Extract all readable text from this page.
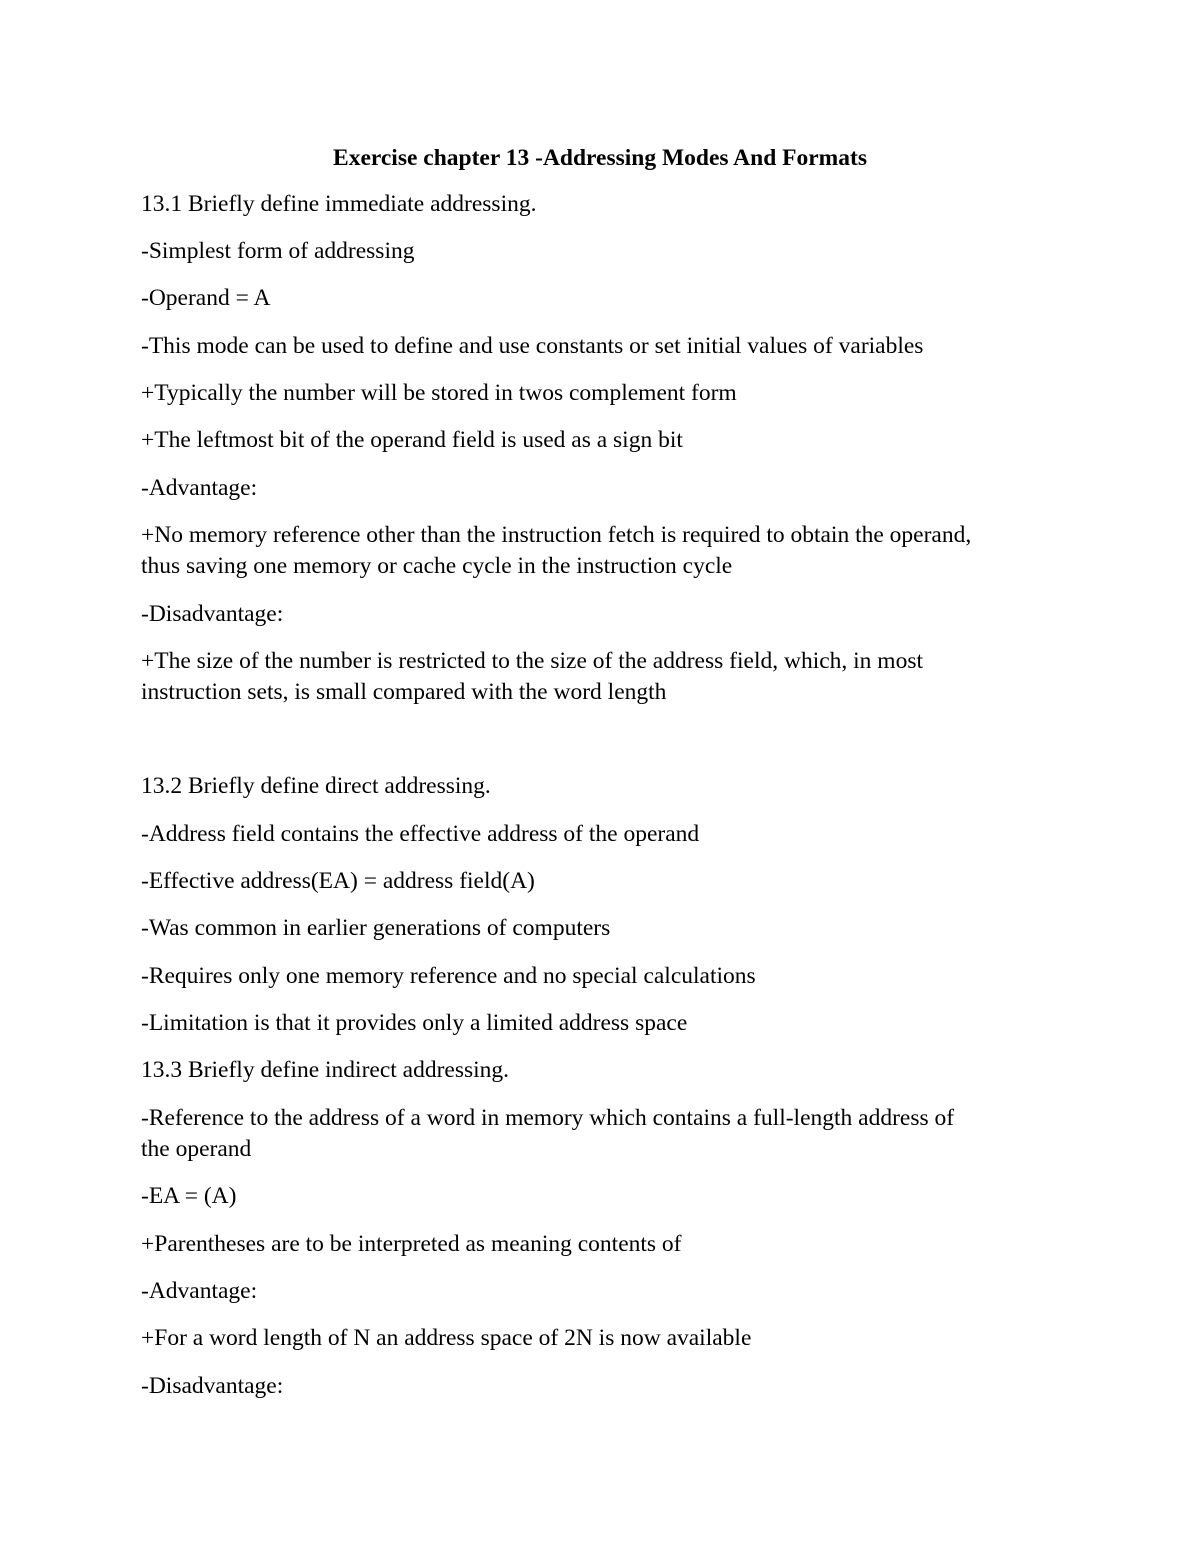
Exercise chapter 13 -Addressing Modes And Formats
13.1 Briefly define immediate addressing.
-Simplest form of addressing
-Operand = A
-This mode can be used to define and use constants or set initial values of variables
+Typically the number will be stored in twos complement form
+The leftmost bit of the operand field is used as a sign bit
-Advantage:
+No memory reference other than the instruction fetch is required to obtain the operand,
thus saving one memory or cache cycle in the instruction cycle
-Disadvantage:
+The size of the number is restricted to the size of the address field, which, in most
instruction sets, is small compared with the word length
13.2 Briefly define direct addressing.
-Address field contains the effective address of the operand
-Effective address(EA) = address field(A)
-Was common in earlier generations of computers
-Requires only one memory reference and no special calculations
-Limitation is that it provides only a limited address space
13.3 Briefly define indirect addressing.
-Reference to the address of a word in memory which contains a full-length address of
the operand
-EA = (A)
+Parentheses are to be interpreted as meaning contents of
-Advantage:
+For a word length of N an address space of 2N is now available
-Disadvantage:
